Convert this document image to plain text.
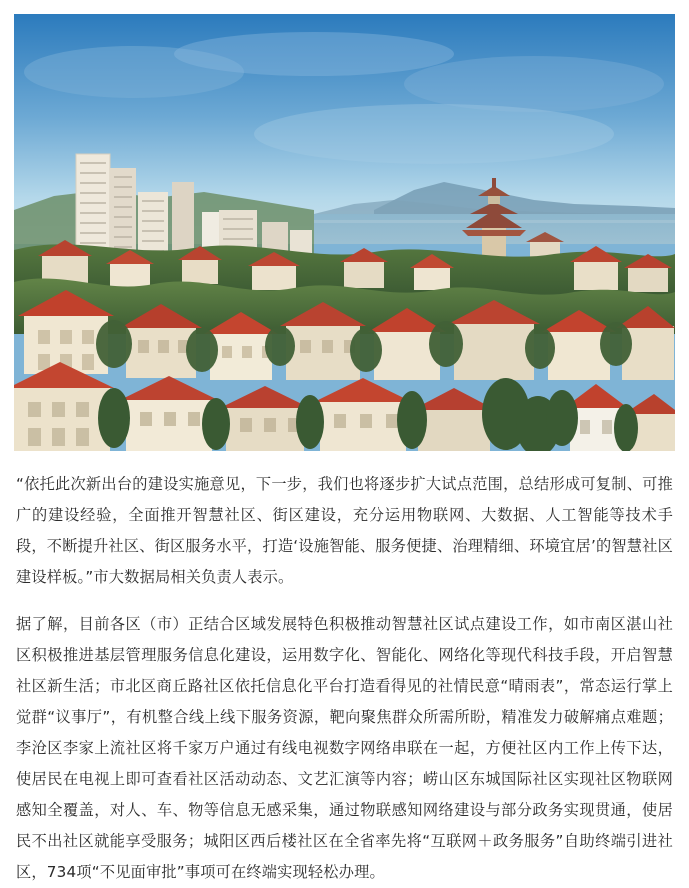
“依托此次新出台的建设实施意见，下一步，我们也将逐步扩大试点范围，总结形成可复制、可推广的建设经验，全面推开智慧社区、街区建设，充分运用物联网、大数据、人工智能等技术手段，不断提升社区、街区服务水平，打造‘设施智能、服务便捷、治理精细、环境宜居’的智慧社区建设样板。”市大数据局相关负责人表示。

据了解，目前各区（市）正结合区域发展特色积极推动智慧社区试点建设工作，如市南区湛山社区积极推进基层管理服务信息化建设，运用数字化、智能化、网络化等现代科技手段，开启智慧社区新生活；市北区商丘路社区依托信息化平台打造看得见的社情民意“晴雨表”，常态运行掌上觉群“议事厅”，有机整合线上线下服务资源，靶向聚焦群众所需所盼，精准发力破解痛点难题；李沧区李家上流社区将千家万户通过有线电视数字网络串联在一起，方便社区内工作上传下达，使居民在电视上即可查看社区活动动态、文艺汇演等内容；崂山区东城国际社区实现社区物联网感知全覆盖，对人、车、物等信息无感采集，通过物联感知网络建设与部分政务实现贯通，使居民不出社区就能享受服务；城阳区西后楼社区在全省率先将“互联网＋政务服务”自助终端引进社区，734项“不见面审批”事项可在终端实现轻松办理。
